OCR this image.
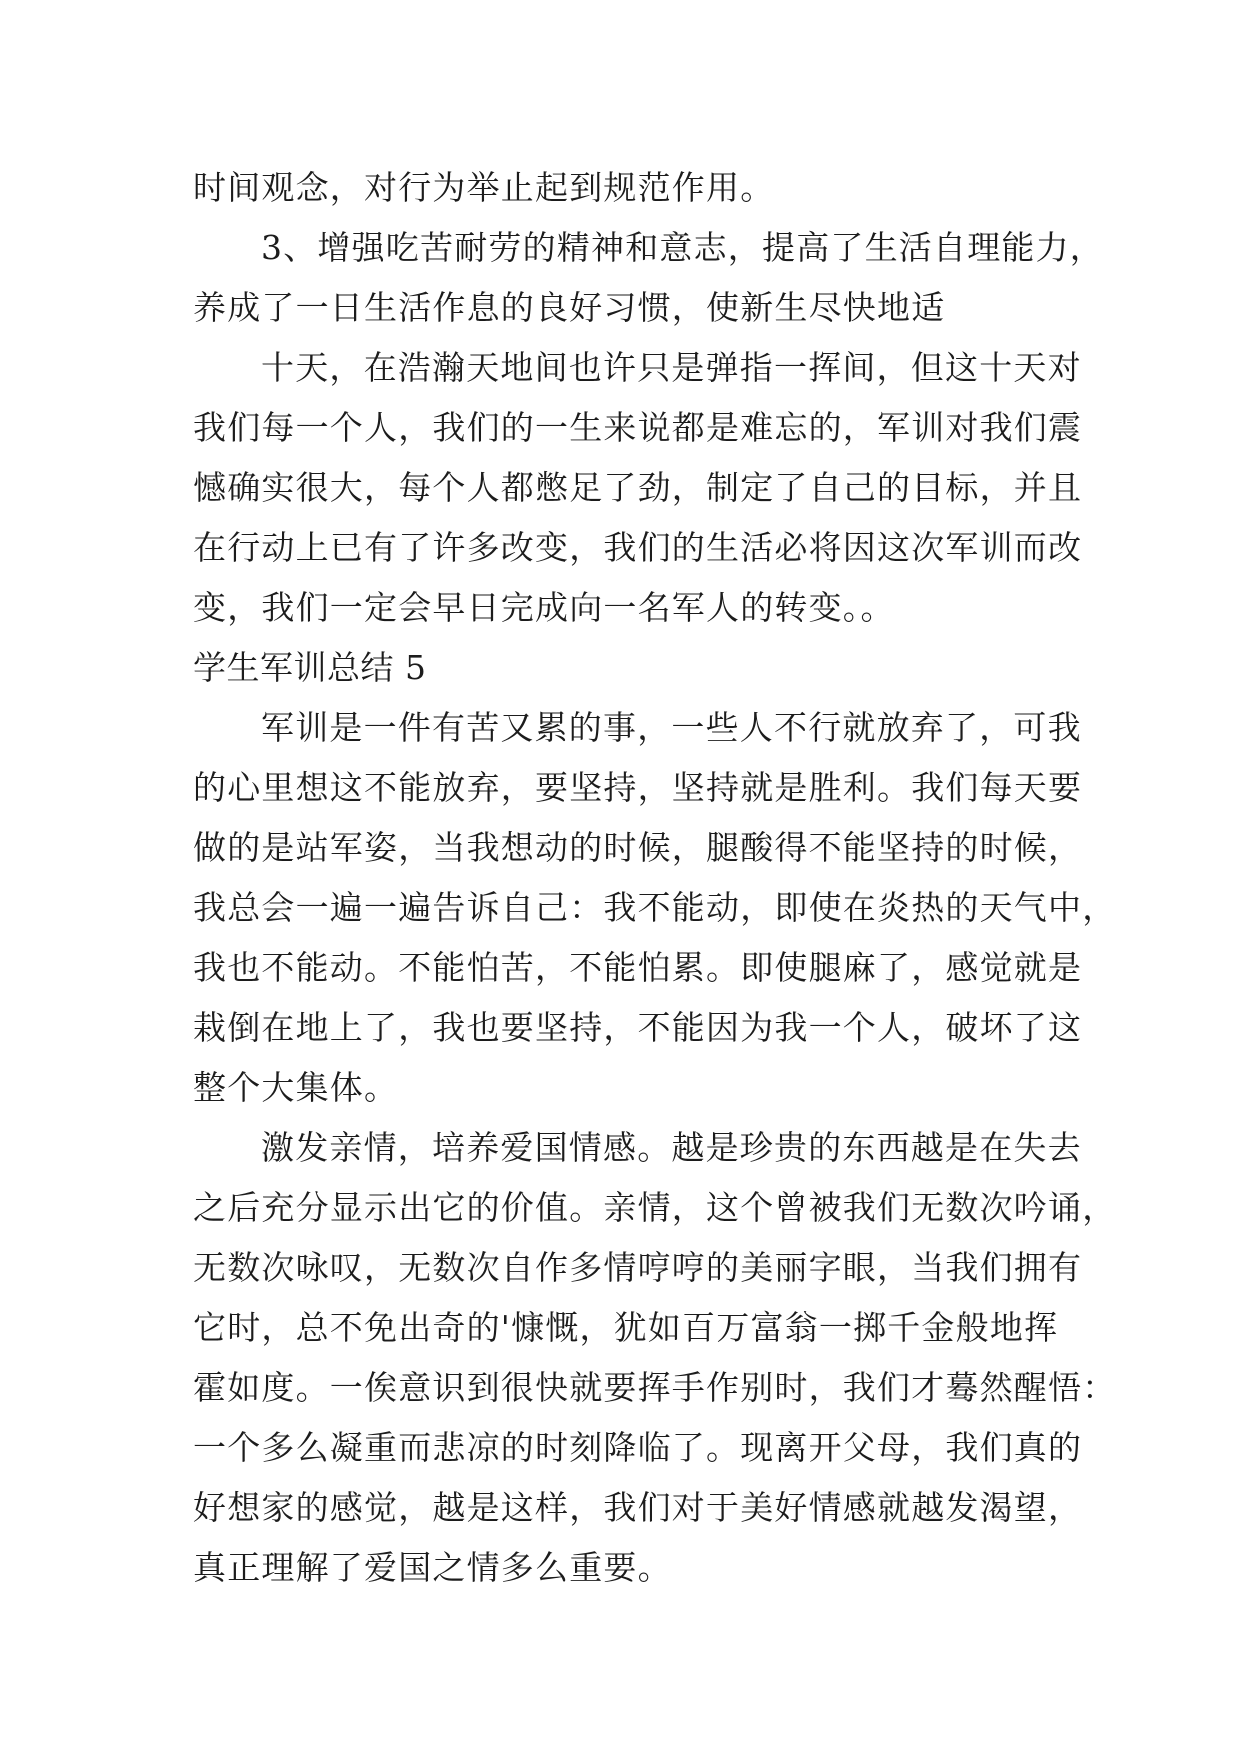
时间观念，对行为举止起到规范作用。
3、增强吃苦耐劳的精神和意志，提高了生活自理能力，
养成了一日生活作息的良好习惯，使新生尽快地适
十天，在浩瀚天地间也许只是弹指一挥间，但这十天对
我们每一个人，我们的一生来说都是难忘的，军训对我们震
憾确实很大，每个人都憋足了劲，制定了自己的目标，并且
在行动上已有了许多改变，我们的生活必将因这次军训而改
变，我们一定会早日完成向一名军人的转变。。
学生军训总结 5
军训是一件有苦又累的事，一些人不行就放弃了，可我
的心里想这不能放弃，要坚持，坚持就是胜利。我们每天要
做的是站军姿，当我想动的时候，腿酸得不能坚持的时候，
我总会一遍一遍告诉自己：我不能动，即使在炎热的天气中，
我也不能动。不能怕苦，不能怕累。即使腿麻了，感觉就是
栽倒在地上了，我也要坚持，不能因为我一个人，破坏了这
整个大集体。
激发亲情，培养爱国情感。越是珍贵的东西越是在失去
之后充分显示出它的价值。亲情，这个曾被我们无数次吟诵，
无数次咏叹，无数次自作多情哼哼的美丽字眼，当我们拥有
它时，总不免出奇的'慷慨，犹如百万富翁一掷千金般地挥
霍如度。一俟意识到很快就要挥手作别时，我们才蓦然醒悟：
一个多么凝重而悲凉的时刻降临了。现离开父母，我们真的
好想家的感觉，越是这样，我们对于美好情感就越发渴望，
真正理解了爱国之情多么重要。
